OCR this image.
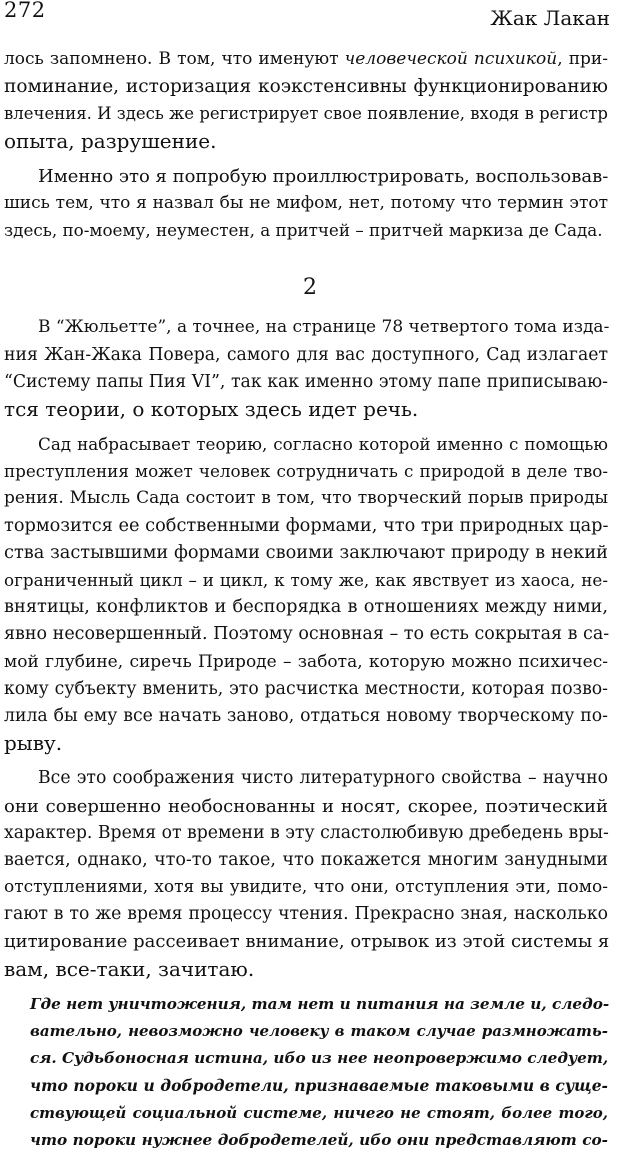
272	Жак Лакан
лось запомнено. В том, что именуют человеческой психикой, при-
поминание, историзация коэкстенсивны функционированию
влечения. И здесь же регистрирует свое появление, входя в регистр
опыта, разрушение.
Именно это я попробую проиллюстрировать, воспользовав-
шись тем, что я назвал бы не мифом, нет, потому что термин этот
здесь, по-моему, неуместен, а притчей – притчей маркиза де Сада.
2
В “Жюльетте”, а точнее, на странице 78 четвертого тома изда-
ния Жан-Жака Повера, самого для вас доступного, Сад излагает
“Систему папы Пия VI”, так как именно этому папе приписываю-
тся теории, о которых здесь идет речь.
Сад набрасывает теорию, согласно которой именно с помощью
преступления может человек сотрудничать с природой в деле тво-
рения. Мысль Сада состоит в том, что творческий порыв природы
тормозится ее собственными формами, что три природных цар-
ства застывшими формами своими заключают природу в некий
ограниченный цикл – и цикл, к тому же, как явствует из хаоса, не-
внятицы, конфликтов и беспорядка в отношениях между ними,
явно несовершенный. Поэтому основная – то есть сокрытая в са-
мой глубине, сиречь Природе – забота, которую можно психичес-
кому субъекту вменить, это расчистка местности, которая позво-
лила бы ему все начать заново, отдаться новому творческому по-
рыву.
Все это соображения чисто литературного свойства – научно
они совершенно необоснованны и носят, скорее, поэтический
характер. Время от времени в эту сластолюбивую дребедень вры-
вается, однако, что-то такое, что покажется многим занудными
отступлениями, хотя вы увидите, что они, отступления эти, помо-
гают в то же время процессу чтения. Прекрасно зная, насколько
цитирование рассеивает внимание, отрывок из этой системы я
вам, все-таки, зачитаю.
Где нет уничтожения, там нет и питания на земле и, следо-
вательно, невозможно человеку в таком случае размножать-
ся. Судьбоносная истина, ибо из нее неопровержимо следует,
что пороки и добродетели, признаваемые таковыми в суще-
ствующей социальной системе, ничего не стоят, более того,
что пороки нужнее добродетелей, ибо они представляют со-
